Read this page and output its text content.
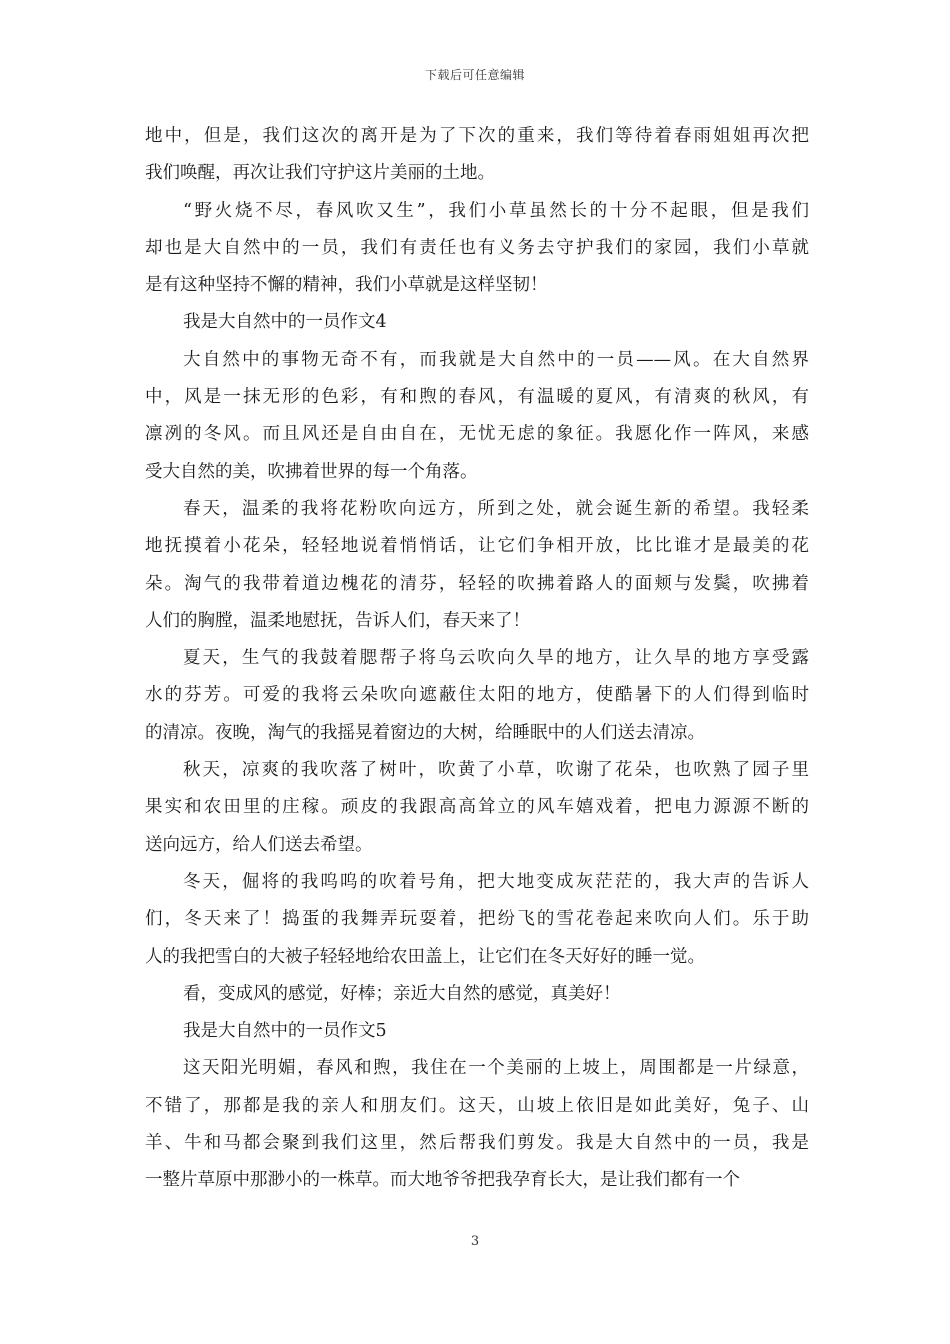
下载后可任意编辑
地中，但是，我们这次的离开是为了下次的重来，我们等待着春雨姐姐再次把
我们唤醒，再次让我们守护这片美丽的土地。
“野火烧不尽，春风吹又生”，我们小草虽然长的十分不起眼，但是我们
却也是大自然中的一员，我们有责任也有义务去守护我们的家园，我们小草就
是有这种坚持不懈的精神，我们小草就是这样坚韧！
我是大自然中的一员作文4
大自然中的事物无奇不有，而我就是大自然中的一员——风。在大自然界
中，风是一抹无形的色彩，有和煦的春风，有温暖的夏风，有清爽的秋风，有
凛冽的冬风。而且风还是自由自在，无忧无虑的象征。我愿化作一阵风，来感
受大自然的美，吹拂着世界的每一个角落。
春天，温柔的我将花粉吹向远方，所到之处，就会诞生新的希望。我轻柔
地抚摸着小花朵，轻轻地说着悄悄话，让它们争相开放，比比谁才是最美的花
朵。淘气的我带着道边槐花的清芬，轻轻的吹拂着路人的面颊与发鬓，吹拂着
人们的胸膛，温柔地慰抚，告诉人们，春天来了！
夏天，生气的我鼓着腮帮子将乌云吹向久旱的地方，让久旱的地方享受露
水的芬芳。可爱的我将云朵吹向遮蔽住太阳的地方，使酷暑下的人们得到临时
的清凉。夜晚，淘气的我摇晃着窗边的大树，给睡眠中的人们送去清凉。
秋天，凉爽的我吹落了树叶，吹黄了小草，吹谢了花朵，也吹熟了园子里
果实和农田里的庄稼。顽皮的我跟高高耸立的风车嬉戏着，把电力源源不断的
送向远方，给人们送去希望。
冬天，倔将的我呜呜的吹着号角，把大地变成灰茫茫的，我大声的告诉人
们，冬天来了！捣蛋的我舞弄玩耍着，把纷飞的雪花卷起来吹向人们。乐于助
人的我把雪白的大被子轻轻地给农田盖上，让它们在冬天好好的睡一觉。
看，变成风的感觉，好棒；亲近大自然的感觉，真美好！
我是大自然中的一员作文5
这天阳光明媚，春风和煦，我住在一个美丽的上坡上，周围都是一片绿意，
不错了，那都是我的亲人和朋友们。这天，山坡上依旧是如此美好，兔子、山
羊、牛和马都会聚到我们这里，然后帮我们剪发。我是大自然中的一员，我是
一整片草原中那渺小的一株草。而大地爷爷把我孕育长大，是让我们都有一个
3
